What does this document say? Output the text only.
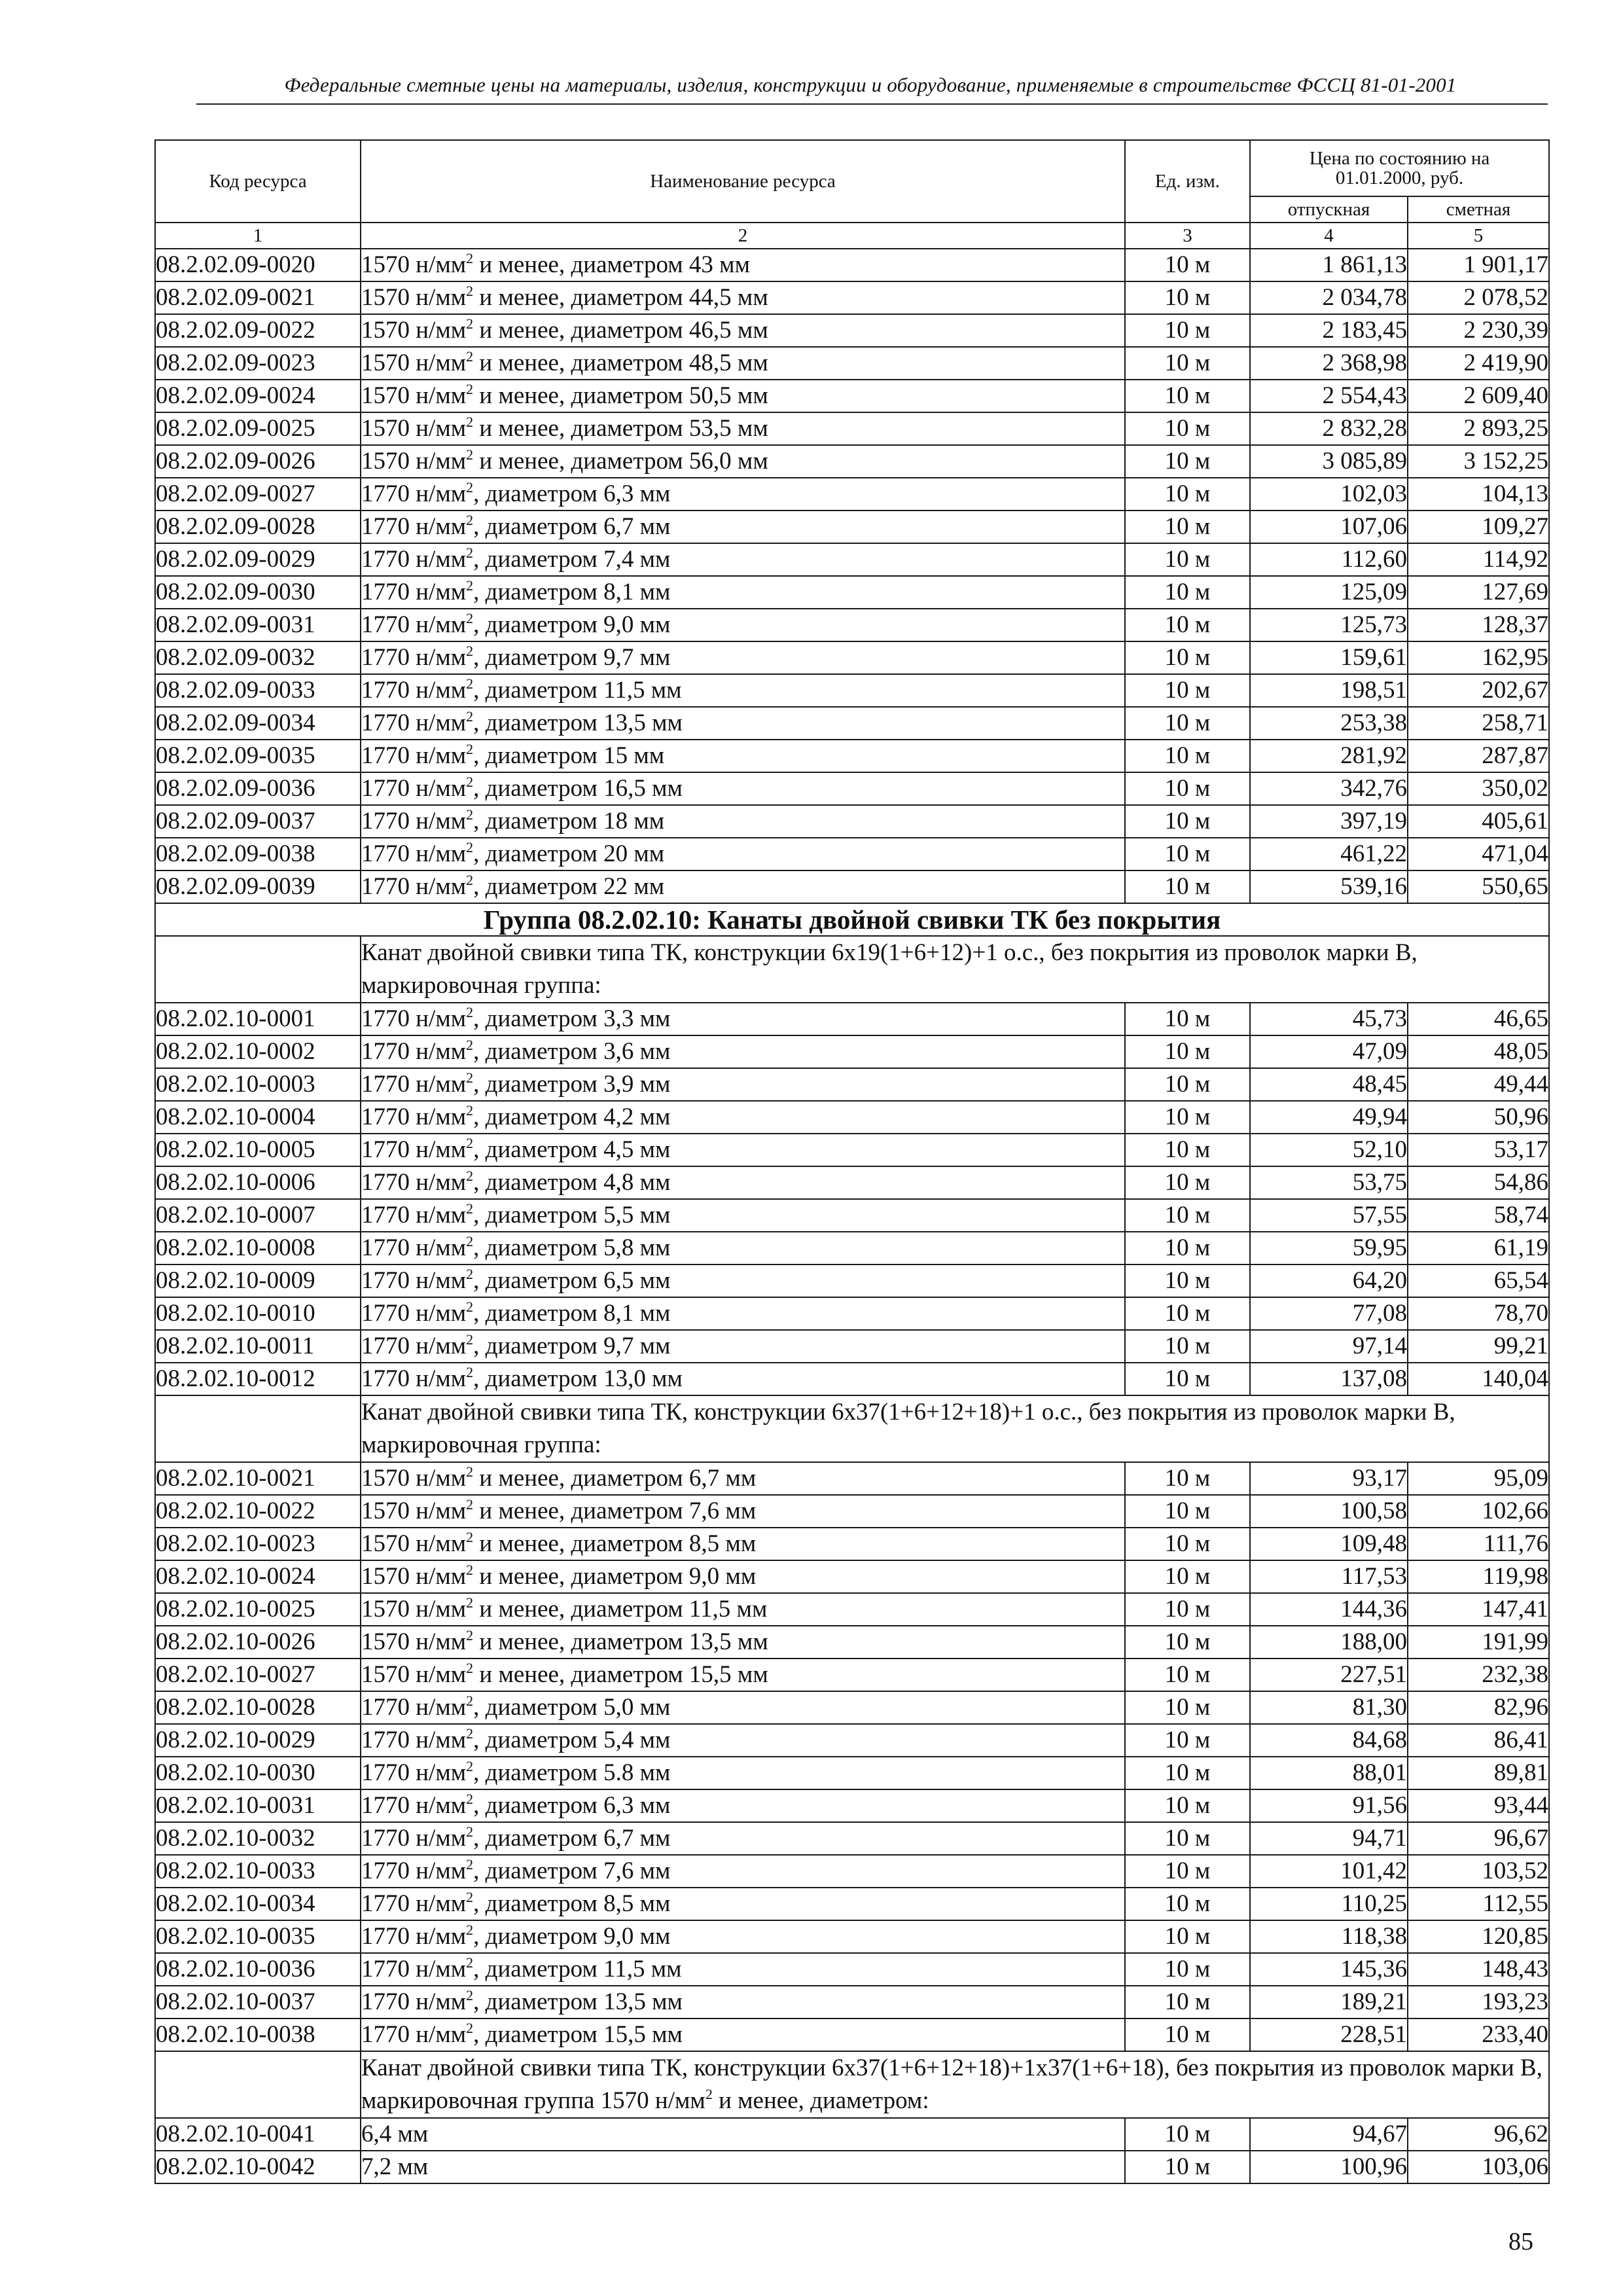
Федеральные сметные цены на материалы, изделия, конструкции и оборудование, применяемые в строительстве ФССЦ 81-01-2001
Код ресурса	Наименование ресурса	Ед. изм.	Цена по состоянию на 01.01.2000, руб.	
			отпускная	сметная
1	2	3	4	5
08.2.02.09-0020	1570 $н/мм^2$ и менее, диаметром 43 мм	10 м	1 861,13	1 901,17
08.2.02.09-0021	1570 $н/мм^2$ и менее, диаметром 44,5 мм	10 м	2 034,78	2 078,52
08.2.02.09-0022	1570 $н/мм^2$ и менее, диаметром 46,5 мм	10 м	2 183,45	2 230,39
08.2.02.09-0023	1570 $н/мм^2$ и менее, диаметром 48,5 мм	10 м	2 368,98	2 419,90
08.2.02.09-0024	1570 $н/мм^2$ и менее, диаметром 50,5 мм	10 м	2 554,43	2 609,40
08.2.02.09-0025	1570 $н/мм^2$ и менее, диаметром 53,5 мм	10 м	2 832,28	2 893,25
08.2.02.09-0026	1570 $н/мм^2$ и менее, диаметром 56,0 мм	10 м	3 085,89	3 152,25
08.2.02.09-0027	1770 $н/мм^2$, диаметром 6,3 мм	10 м	102,03	104,13
08.2.02.09-0028	1770 $н/мм^2$, диаметром 6,7 мм	10 м	107,06	109,27
08.2.02.09-0029	1770 $н/мм^2$, диаметром 7,4 мм	10 м	112,60	114,92
08.2.02.09-0030	1770 $н/мм^2$, диаметром 8,1 мм	10 м	125,09	127,69
08.2.02.09-0031	1770 $н/мм^2$, диаметром 9,0 мм	10 м	125,73	128,37
08.2.02.09-0032	1770 $н/мм^2$, диаметром 9,7 мм	10 м	159,61	162,95
08.2.02.09-0033	1770 $н/мм^2$, диаметром 11,5 мм	10 м	198,51	202,67
08.2.02.09-0034	1770 $н/мм^2$, диаметром 13,5 мм	10 м	253,38	258,71
08.2.02.09-0035	1770 $н/мм^2$, диаметром 15 мм	10 м	281,92	287,87
08.2.02.09-0036	1770 $н/мм^2$, диаметром 16,5 мм	10 м	342,76	350,02
08.2.02.09-0037	1770 $н/мм^2$, диаметром 18 мм	10 м	397,19	405,61
08.2.02.09-0038	1770 $н/мм^2$, диаметром 20 мм	10 м	461,22	471,04
08.2.02.09-0039	1770 $н/мм^2$, диаметром 22 мм	10 м	539,16	550,65
Группа 08.2.02.10: Канаты двойной свивки ТК без покрытия				
	Канат двойной свивки типа ТК, конструкции 6х19(1+6+12)+1 о.с., без покрытия из проволок марки В, маркировочная группа:			
08.2.02.10-0001	1770 $н/мм^2$, диаметром 3,3 мм	10 м	45,73	46,65
08.2.02.10-0002	1770 $н/мм^2$, диаметром 3,6 мм	10 м	47,09	48,05
08.2.02.10-0003	1770 $н/мм^2$, диаметром 3,9 мм	10 м	48,45	49,44
08.2.02.10-0004	1770 $н/мм^2$, диаметром 4,2 мм	10 м	49,94	50,96
08.2.02.10-0005	1770 $н/мм^2$, диаметром 4,5 мм	10 м	52,10	53,17
08.2.02.10-0006	1770 $н/мм^2$, диаметром 4,8 мм	10 м	53,75	54,86
08.2.02.10-0007	1770 $н/мм^2$, диаметром 5,5 мм	10 м	57,55	58,74
08.2.02.10-0008	1770 $н/мм^2$, диаметром 5,8 мм	10 м	59,95	61,19
08.2.02.10-0009	1770 $н/мм^2$, диаметром 6,5 мм	10 м	64,20	65,54
08.2.02.10-0010	1770 $н/мм^2$, диаметром 8,1 мм	10 м	77,08	78,70
08.2.02.10-0011	1770 $н/мм^2$, диаметром 9,7 мм	10 м	97,14	99,21
08.2.02.10-0012	1770 $н/мм^2$, диаметром 13,0 мм	10 м	137,08	140,04
	Канат двойной свивки типа ТК, конструкции 6х37(1+6+12+18)+1 о.с., без покрытия из проволок марки В, маркировочная группа:			
08.2.02.10-0021	1570 $н/мм^2$ и менее, диаметром 6,7 мм	10 м	93,17	95,09
08.2.02.10-0022	1570 $н/мм^2$ и менее, диаметром 7,6 мм	10 м	100,58	102,66
08.2.02.10-0023	1570 $н/мм^2$ и менее, диаметром 8,5 мм	10 м	109,48	111,76
08.2.02.10-0024	1570 $н/мм^2$ и менее, диаметром 9,0 мм	10 м	117,53	119,98
08.2.02.10-0025	1570 $н/мм^2$ и менее, диаметром 11,5 мм	10 м	144,36	147,41
08.2.02.10-0026	1570 $н/мм^2$ и менее, диаметром 13,5 мм	10 м	188,00	191,99
08.2.02.10-0027	1570 $н/мм^2$ и менее, диаметром 15,5 мм	10 м	227,51	232,38
08.2.02.10-0028	1770 $н/мм^2$, диаметром 5,0 мм	10 м	81,30	82,96
08.2.02.10-0029	1770 $н/мм^2$, диаметром 5,4 мм	10 м	84,68	86,41
08.2.02.10-0030	1770 $н/мм^2$, диаметром 5.8 мм	10 м	88,01	89,81
08.2.02.10-0031	1770 $н/мм^2$, диаметром 6,3 мм	10 м	91,56	93,44
08.2.02.10-0032	1770 $н/мм^2$, диаметром 6,7 мм	10 м	94,71	96,67
08.2.02.10-0033	1770 $н/мм^2$, диаметром 7,6 мм	10 м	101,42	103,52
08.2.02.10-0034	1770 $н/мм^2$, диаметром 8,5 мм	10 м	110,25	112,55
08.2.02.10-0035	1770 $н/мм^2$, диаметром 9,0 мм	10 м	118,38	120,85
08.2.02.10-0036	1770 $н/мм^2$, диаметром 11,5 мм	10 м	145,36	148,43
08.2.02.10-0037	1770 $н/мм^2$, диаметром 13,5 мм	10 м	189,21	193,23
08.2.02.10-0038	1770 $н/мм^2$, диаметром 15,5 мм	10 м	228,51	233,40
	Канат двойной свивки типа ТК, конструкции 6х37(1+6+12+18)+1х37(1+6+18), без покрытия из проволок марки В, маркировочная группа 1570 $н/мм^2$ и менее, диаметром:			
08.2.02.10-0041	6,4 мм	10 м	94,67	96,62
08.2.02.10-0042	7,2 мм	10 м	100,96	103,06
85
